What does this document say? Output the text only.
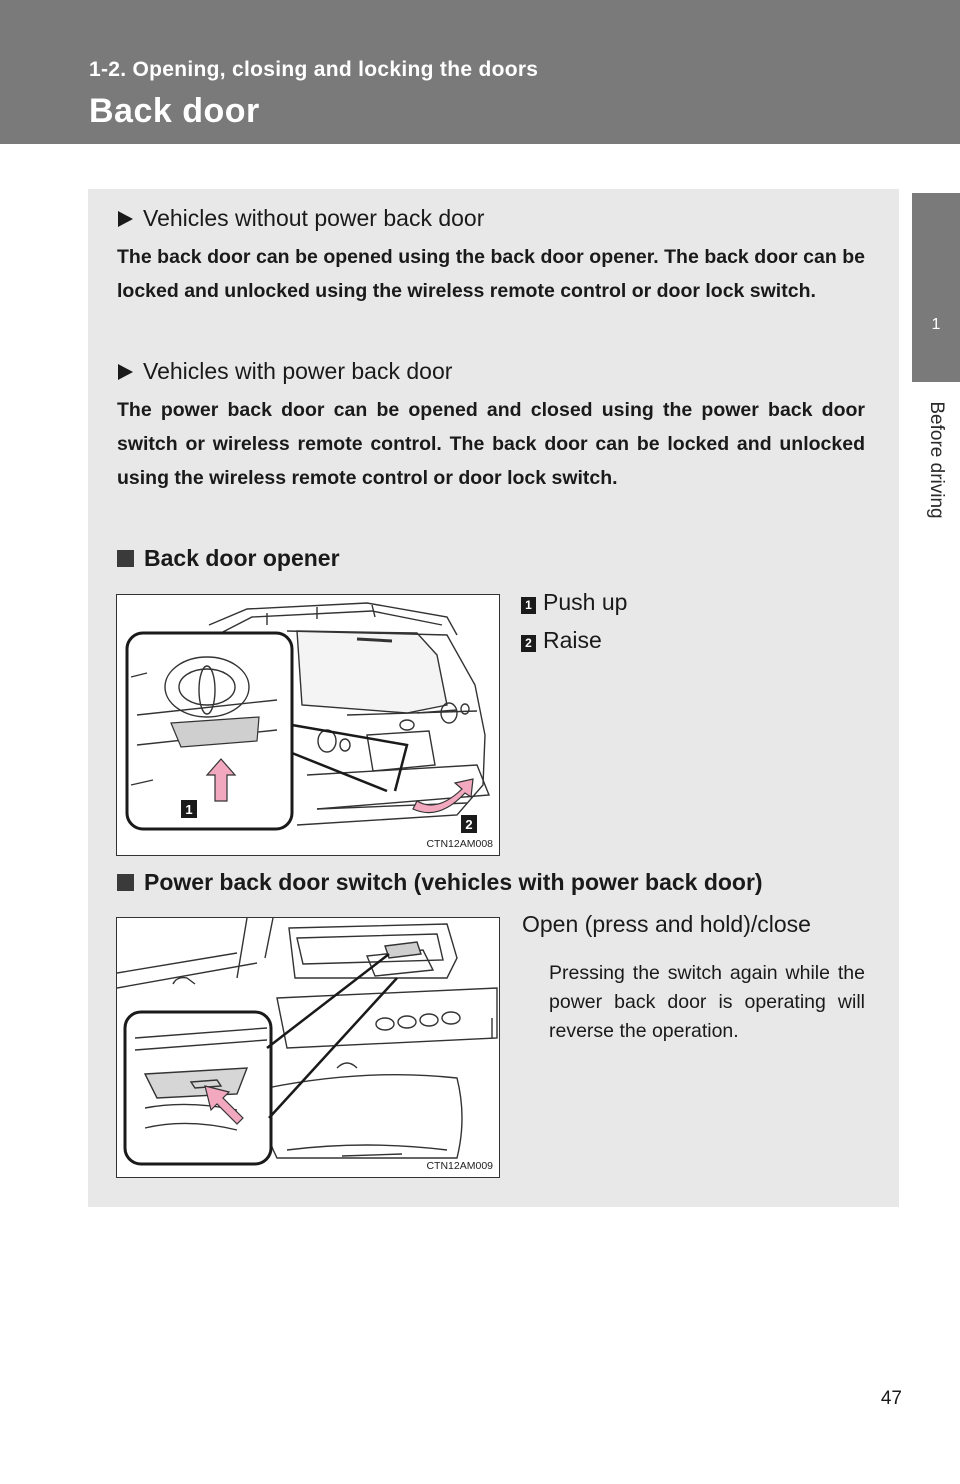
1-2. Opening, closing and locking the doors
Back door
1
Before driving
Vehicles without power back door
The back door can be opened using the back door opener. The back door can be locked and unlocked using the wireless remote control or door lock switch.
Vehicles with power back door
The power back door can be opened and closed using the power back door switch or wireless remote control. The back door can be locked and unlocked using the wireless remote control or door lock switch.
Back door opener
1
2
CTN12AM008
1 Push up
2 Raise
Power back door switch (vehicles with power back door)
CTN12AM009
Open (press and hold)/close
Pressing the switch again while the power back door is operating will reverse the operation.
47
